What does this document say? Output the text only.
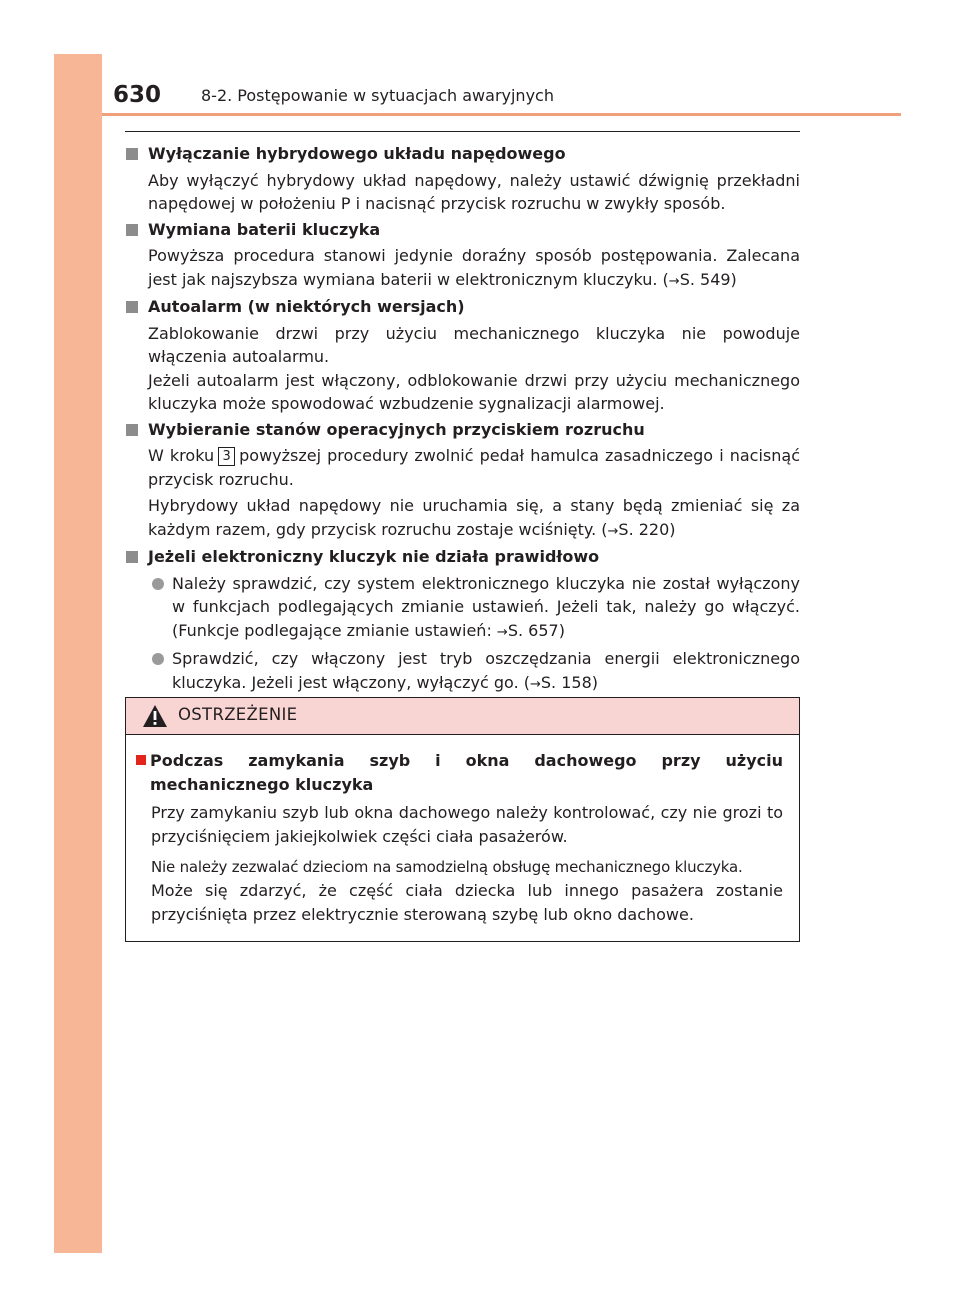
630 8-2. Postępowanie w sytuacjach awaryjnych
Wyłączanie hybrydowego układu napędowego
Aby wyłączyć hybrydowy układ napędowy, należy ustawić dźwignię przekładni napędowej w położeniu P i nacisnąć przycisk rozruchu w zwykły sposób.
Wymiana baterii kluczyka
Powyższa procedura stanowi jedynie doraźny sposób postępowania. Zalecana jest jak najszybsza wymiana baterii w elektronicznym kluczyku. (→S. 549)
Autoalarm (w niektórych wersjach)
Zablokowanie drzwi przy użyciu mechanicznego kluczyka nie powoduje włączenia autoalarmu.
Jeżeli autoalarm jest włączony, odblokowanie drzwi przy użyciu mechanicznego kluczyka może spowodować wzbudzenie sygnalizacji alarmowej.
Wybieranie stanów operacyjnych przyciskiem rozruchu
W kroku 3 powyższej procedury zwolnić pedał hamulca zasadniczego i nacisnąć przycisk rozruchu.
Hybrydowy układ napędowy nie uruchamia się, a stany będą zmieniać się za każdym razem, gdy przycisk rozruchu zostaje wciśnięty. (→S. 220)
Jeżeli elektroniczny kluczyk nie działa prawidłowo
Należy sprawdzić, czy system elektronicznego kluczyka nie został wyłączony w funkcjach podlegających zmianie ustawień. Jeżeli tak, należy go włączyć. (Funkcje podlegające zmianie ustawień: →S. 657)
Sprawdzić, czy włączony jest tryb oszczędzania energii elektronicznego kluczyka. Jeżeli jest włączony, wyłączyć go. (→S. 158)
OSTRZEŻENIE
Podczas zamykania szyb i okna dachowego przy użyciu mechanicznego kluczyka
Przy zamykaniu szyb lub okna dachowego należy kontrolować, czy nie grozi to przyciśnięciem jakiejkolwiek części ciała pasażerów.
Nie należy zezwalać dzieciom na samodzielną obsługę mechanicznego kluczyka.
Może się zdarzyć, że część ciała dziecka lub innego pasażera zostanie przyciśnięta przez elektrycznie sterowaną szybę lub okno dachowe.
